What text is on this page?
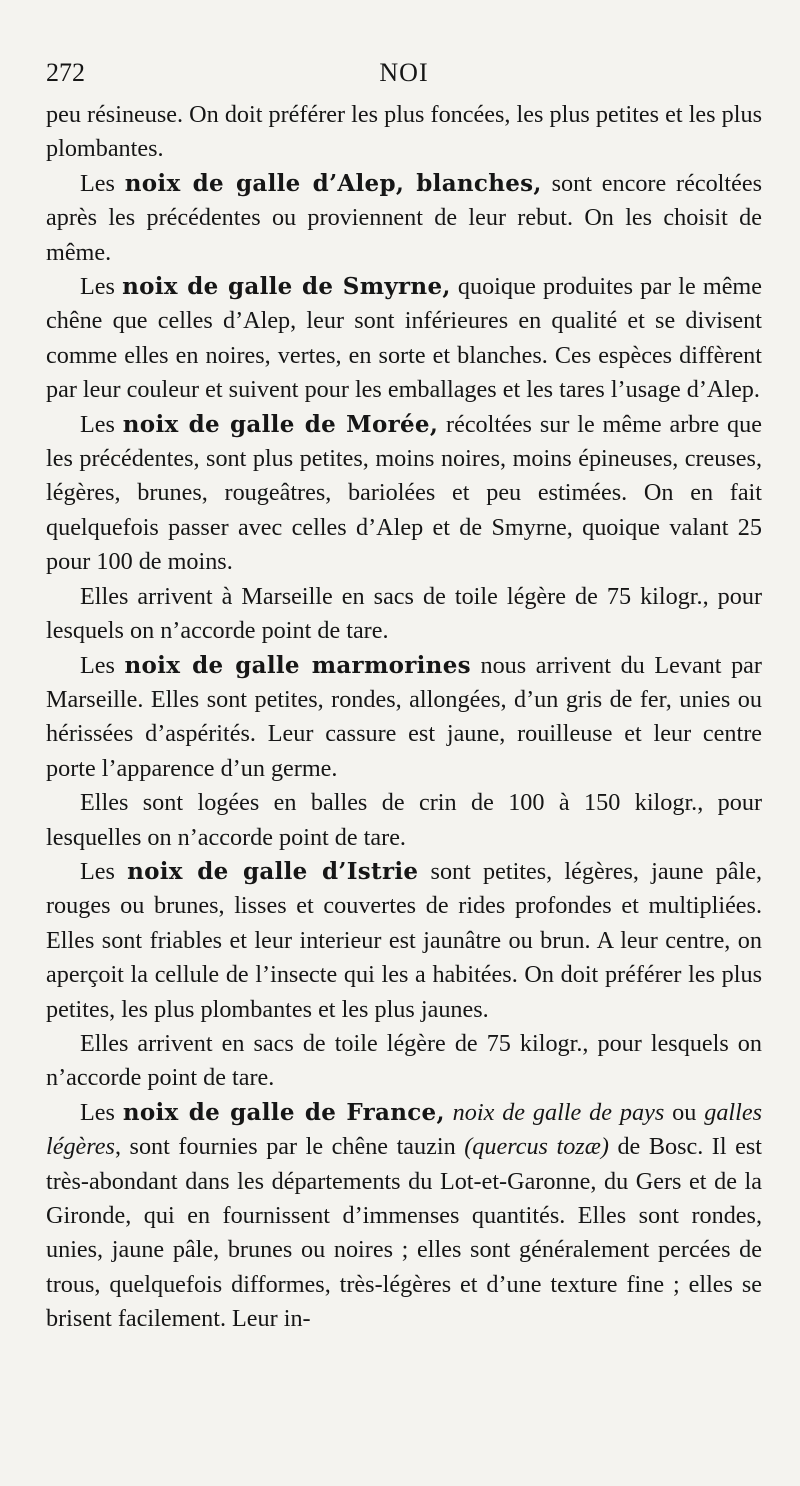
272	NOI

peu résineuse. On doit préférer les plus foncées, les plus petites et les plus plombantes.

Les noix de galle d’Alep, blanches, sont encore récoltées après les précédentes ou proviennent de leur rebut. On les choisit de même.

Les noix de galle de Smyrne, quoique produites par le même chêne que celles d’Alep, leur sont inférieures en qualité et se divisent comme elles en noires, vertes, en sorte et blanches. Ces espèces diffèrent par leur couleur et suivent pour les emballages et les tares l’usage d’Alep.

Les noix de galle de Morée, récoltées sur le même arbre que les précédentes, sont plus petites, moins noires, moins épineuses, creuses, légères, brunes, rougeâtres, bariolées et peu estimées. On en fait quelquefois passer avec celles d’Alep et de Smyrne, quoique valant 25 pour 100 de moins.

Elles arrivent à Marseille en sacs de toile légère de 75 kilogr., pour lesquels on n’accorde point de tare.

Les noix de galle marmorines nous arrivent du Levant par Marseille. Elles sont petites, rondes, allongées, d’un gris de fer, unies ou hérissées d’aspérités. Leur cassure est jaune, rouilleuse et leur centre porte l’apparence d’un germe.

Elles sont logées en balles de crin de 100 à 150 kilogr., pour lesquelles on n’accorde point de tare.

Les noix de galle d’Istrie sont petites, légères, jaune pâle, rouges ou brunes, lisses et couvertes de rides profondes et multipliées. Elles sont friables et leur interieur est jaunâtre ou brun. A leur centre, on aperçoit la cellule de l’insecte qui les a habitées. On doit préférer les plus petites, les plus plombantes et les plus jaunes.

Elles arrivent en sacs de toile légère de 75 kilogr., pour lesquels on n’accorde point de tare.

Les noix de galle de France, noix de galle de pays ou galles légères, sont fournies par le chêne tauzin (quercus tozæ) de Bosc. Il est très-abondant dans les départements du Lot-et-Garonne, du Gers et de la Gironde, qui en fournissent d’immenses quantités. Elles sont rondes, unies, jaune pâle, brunes ou noires ; elles sont généralement percées de trous, quelquefois difformes, très-légères et d’une texture fine ; elles se brisent facilement. Leur in-
